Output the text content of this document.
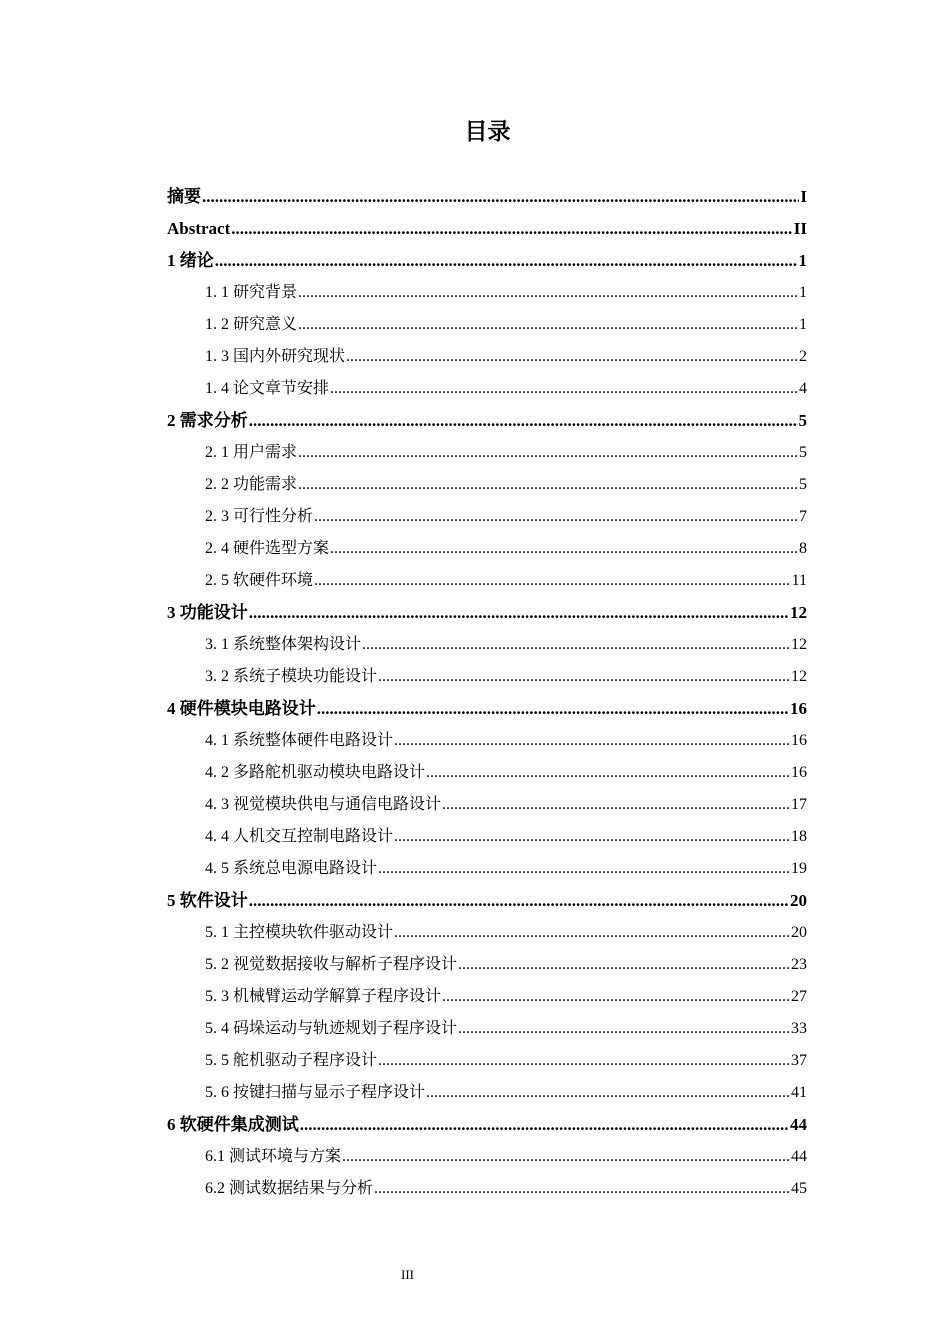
目录
摘要 .....	I
Abstract .....	II
1 绪论 .....	1
1. 1 研究背景 .....	1
1. 2 研究意义 .....	1
1. 3 国内外研究现状 .....	2
1. 4 论文章节安排 .....	4
2 需求分析 .....	5
2. 1 用户需求 .....	5
2. 2 功能需求 .....	5
2. 3 可行性分析 .....	7
2. 4 硬件选型方案 .....	8
2. 5 软硬件环境 .....	11
3 功能设计 .....	12
3. 1 系统整体架构设计 .....	12
3. 2 系统子模块功能设计 .....	12
4 硬件模块电路设计 .....	16
4. 1 系统整体硬件电路设计 .....	16
4. 2 多路舵机驱动模块电路设计 .....	16
4. 3 视觉模块供电与通信电路设计 .....	17
4. 4 人机交互控制电路设计 .....	18
4. 5 系统总电源电路设计 .....	19
5 软件设计 .....	20
5. 1 主控模块软件驱动设计 .....	20
5. 2 视觉数据接收与解析子程序设计 .....	23
5. 3 机械臂运动学解算子程序设计 .....	27
5. 4 码垛运动与轨迹规划子程序设计 .....	33
5. 5 舵机驱动子程序设计 .....	37
5. 6 按键扫描与显示子程序设计 .....	41
6 软硬件集成测试 .....	44
6.1 测试环境与方案 .....	44
6.2 测试数据结果与分析 .....	45
III
